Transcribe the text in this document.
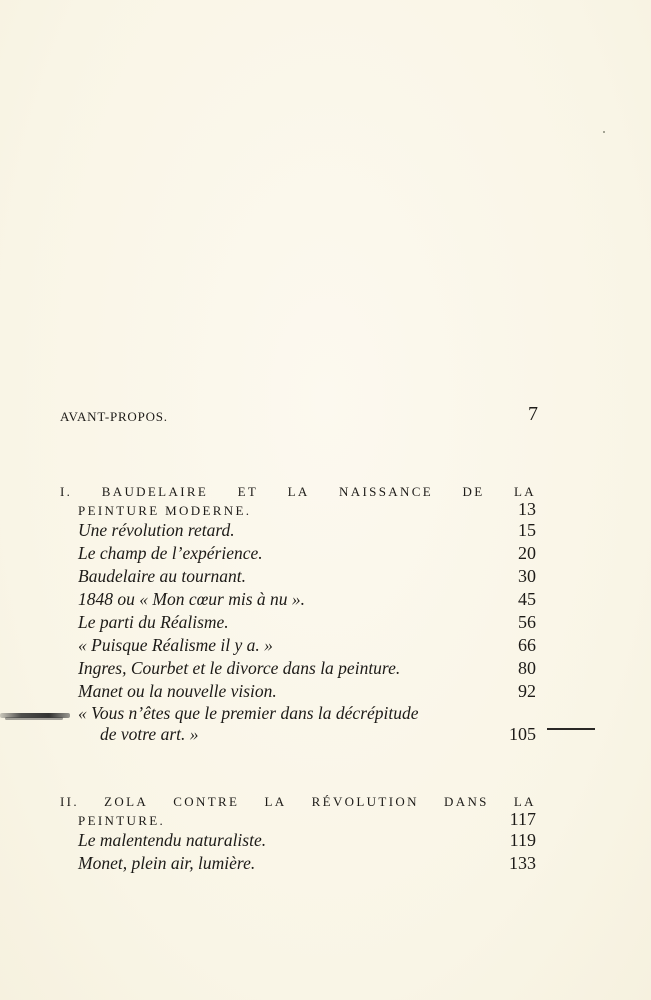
AVANT-PROPOS.	7
I. BAUDELAIRE ET LA NAISSANCE DE LA
PEINTURE MODERNE.	13
Une révolution retard.	15
Le champ de l’expérience.	20
Baudelaire au tournant.	30
1848 ou « Mon cœur mis à nu ».	45
Le parti du Réalisme.	56
« Puisque Réalisme il y a. »	66
Ingres, Courbet et le divorce dans la peinture.	80
Manet ou la nouvelle vision.	92
« Vous n’êtes que le premier dans la décrépitude
de votre art. »	105
II. ZOLA CONTRE LA RÉVOLUTION DANS LA
PEINTURE.	117
Le malentendu naturaliste.	119
Monet, plein air, lumière.	133
